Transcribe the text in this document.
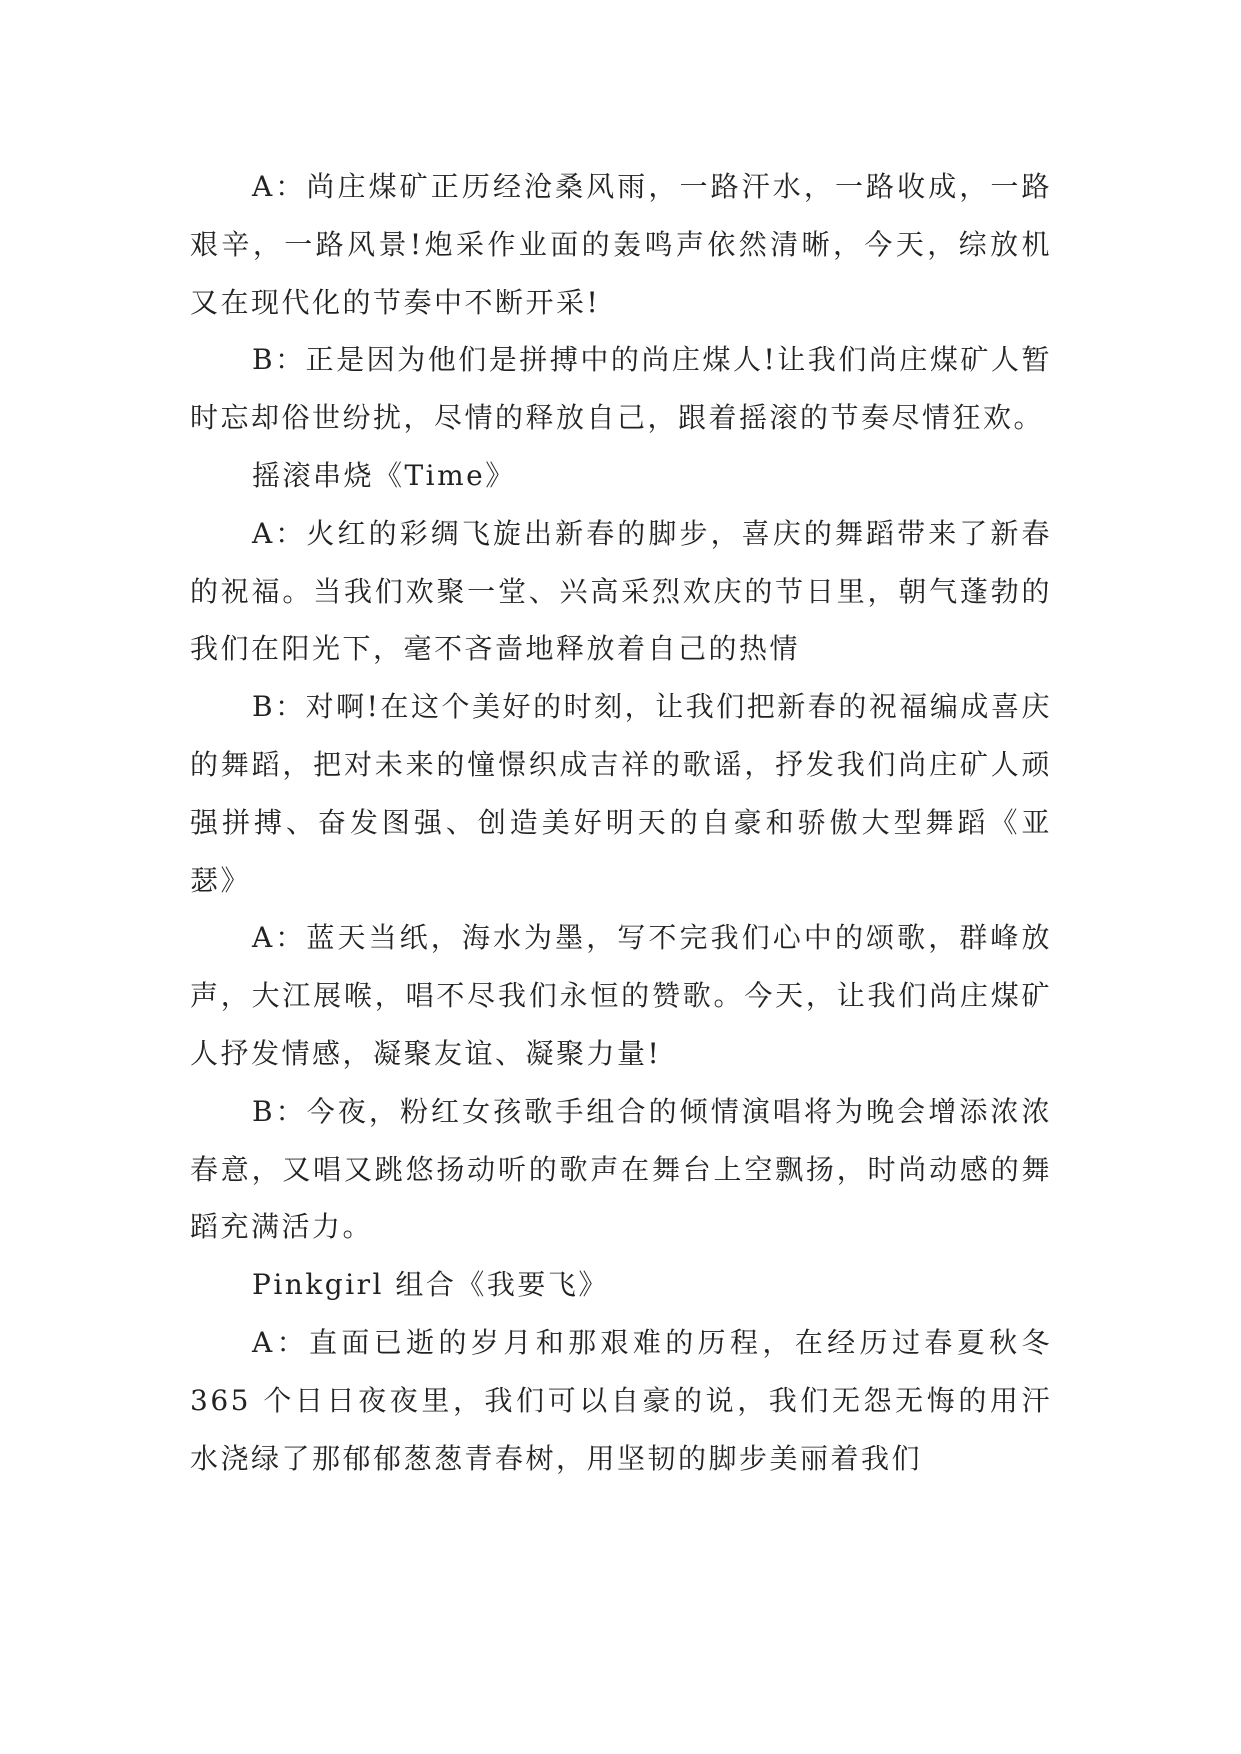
A：尚庄煤矿正历经沧桑风雨，一路汗水，一路收成，一路艰辛，一路风景!炮采作业面的轰鸣声依然清晰，今天，综放机又在现代化的节奏中不断开采!

B：正是因为他们是拼搏中的尚庄煤人!让我们尚庄煤矿人暂时忘却俗世纷扰，尽情的释放自己，跟着摇滚的节奏尽情狂欢。

摇滚串烧《Time》

A：火红的彩绸飞旋出新春的脚步，喜庆的舞蹈带来了新春的祝福。当我们欢聚一堂、兴高采烈欢庆的节日里，朝气蓬勃的我们在阳光下，毫不吝啬地释放着自己的热情

B：对啊!在这个美好的时刻，让我们把新春的祝福编成喜庆的舞蹈，把对未来的憧憬织成吉祥的歌谣，抒发我们尚庄矿人顽强拼搏、奋发图强、创造美好明天的自豪和骄傲大型舞蹈《亚瑟》

A：蓝天当纸，海水为墨，写不完我们心中的颂歌，群峰放声，大江展喉，唱不尽我们永恒的赞歌。今天，让我们尚庄煤矿人抒发情感，凝聚友谊、凝聚力量!

B：今夜，粉红女孩歌手组合的倾情演唱将为晚会增添浓浓春意，又唱又跳悠扬动听的歌声在舞台上空飘扬，时尚动感的舞蹈充满活力。

Pinkgirl 组合《我要飞》

A：直面已逝的岁月和那艰难的历程，在经历过春夏秋冬 365 个日日夜夜里，我们可以自豪的说，我们无怨无悔的用汗水浇绿了那郁郁葱葱青春树，用坚韧的脚步美丽着我们
